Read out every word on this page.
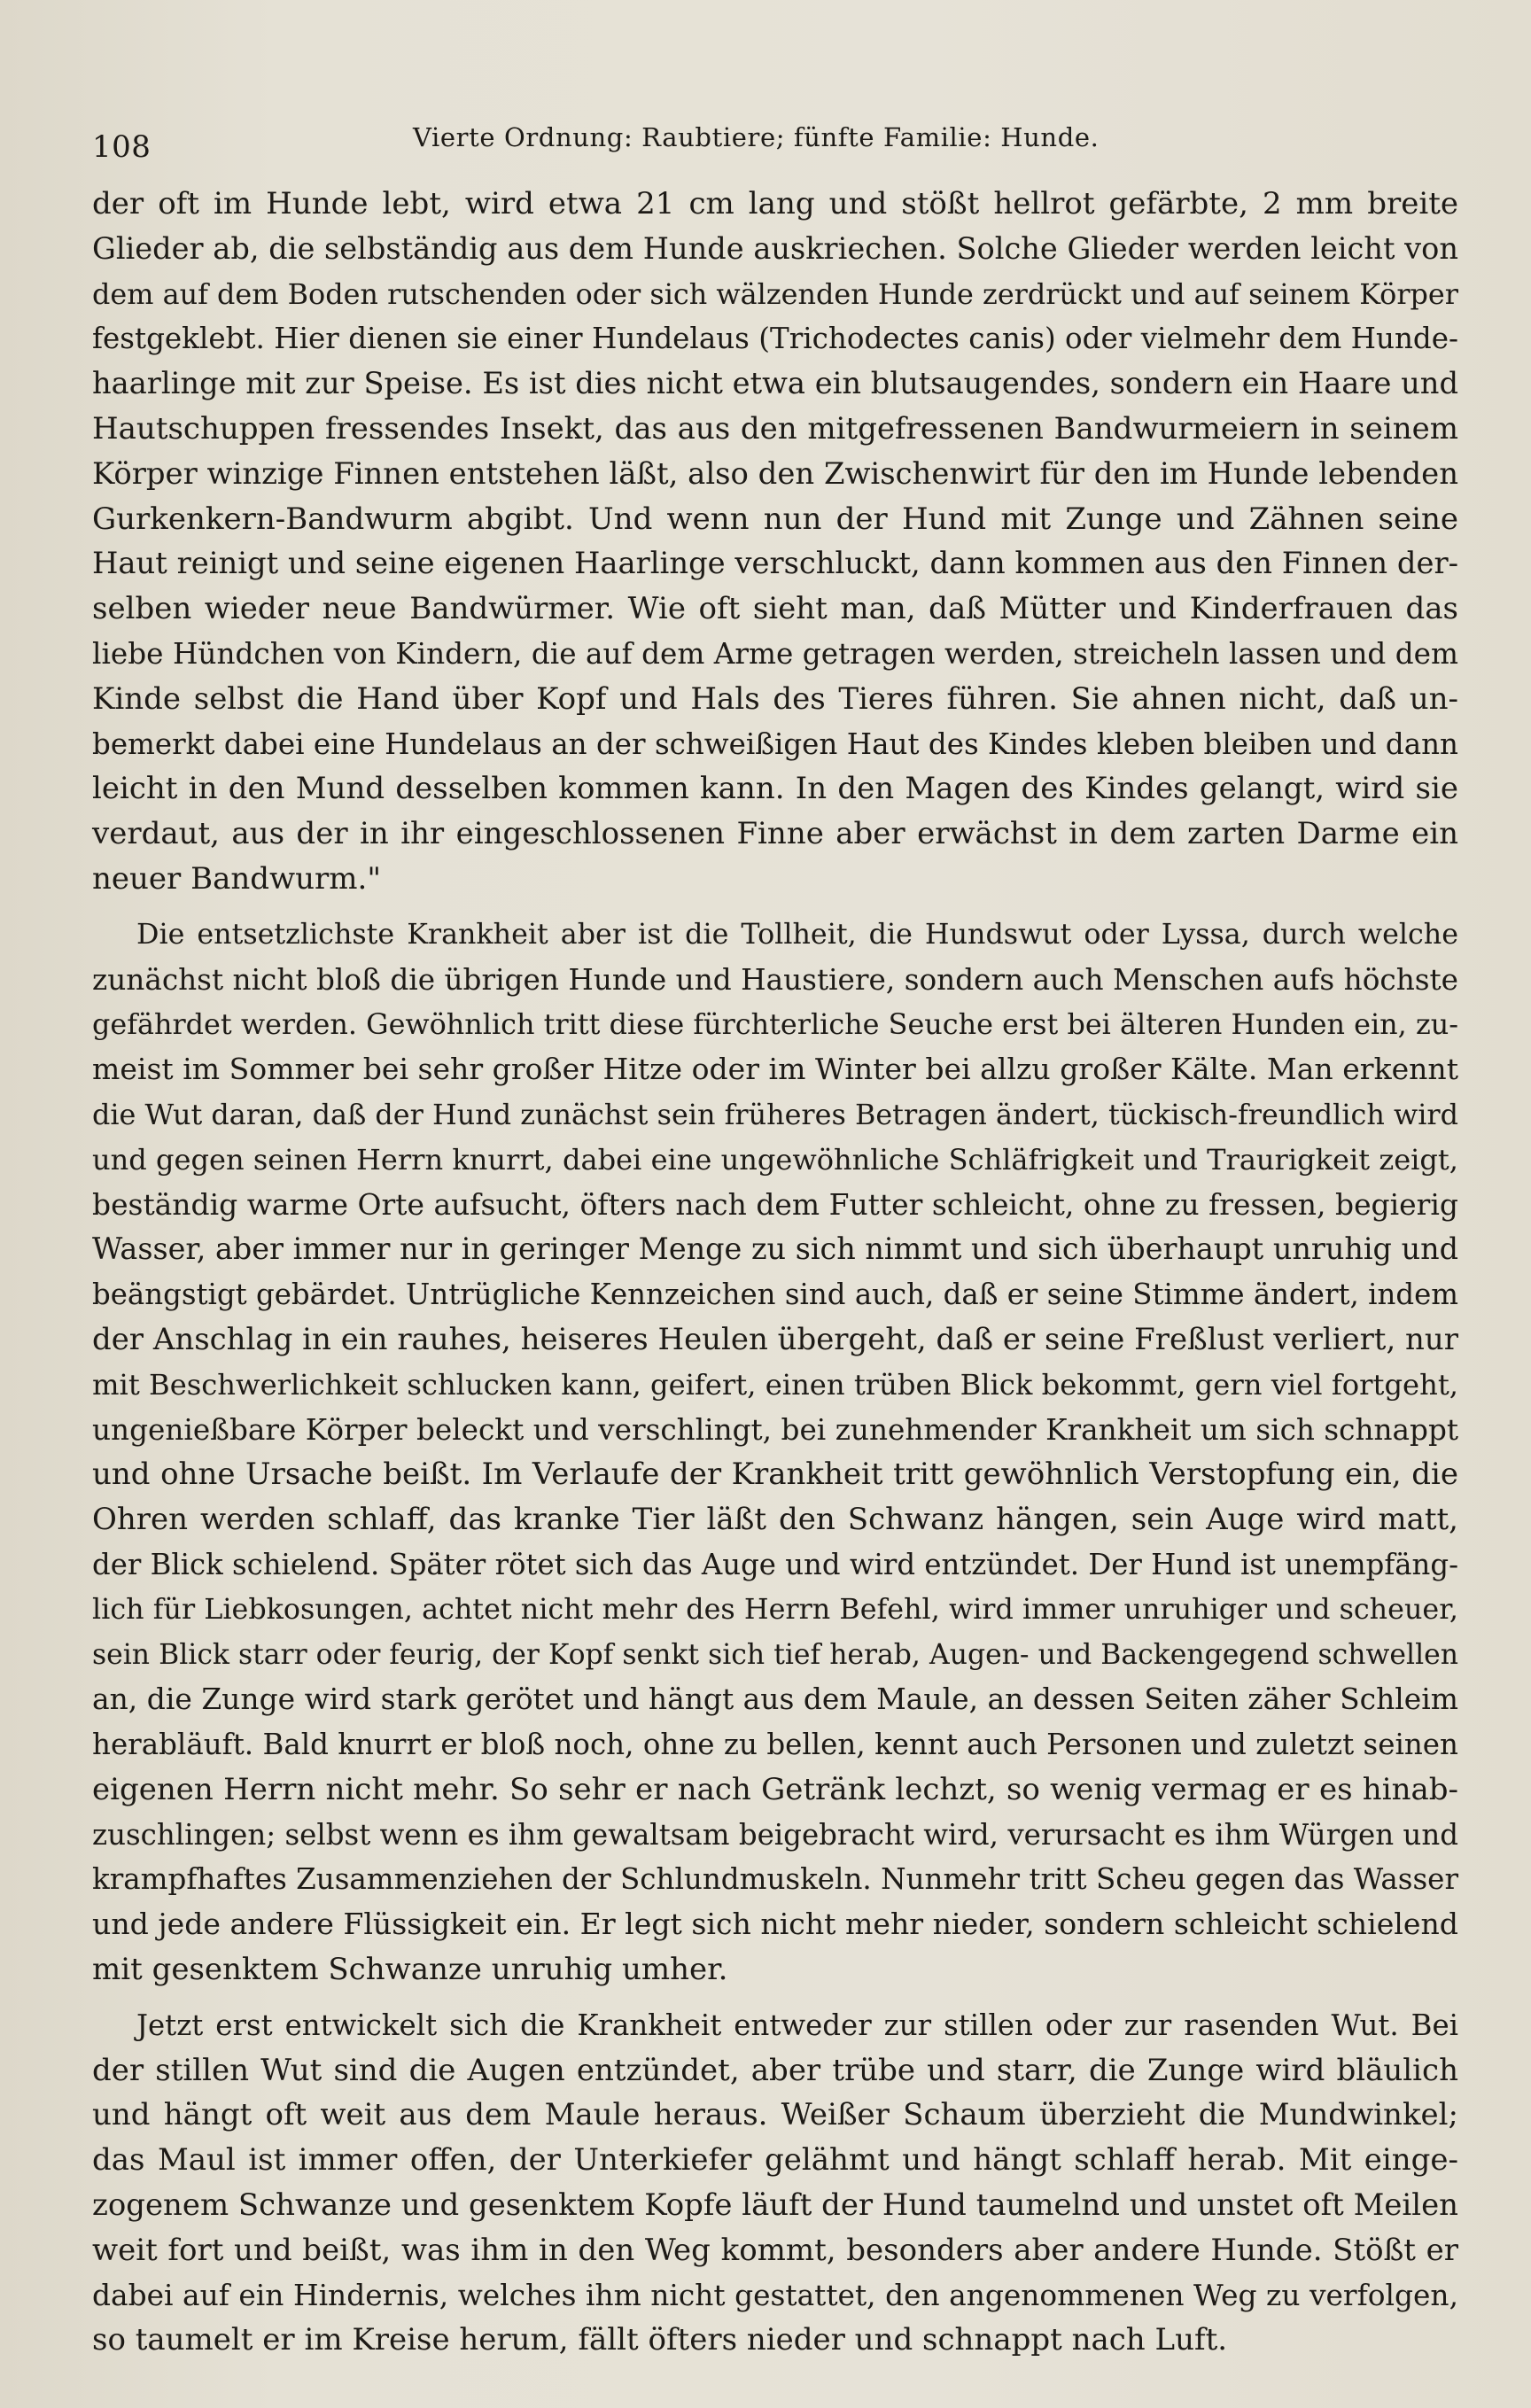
108	Vierte Ordnung: Raubtiere; fünfte Familie: Hunde.
der oft im Hunde lebt, wird etwa 21 cm lang und stößt hellrot gefärbte, 2 mm breite
Glieder ab, die selbständig aus dem Hunde auskriechen. Solche Glieder werden leicht von
dem auf dem Boden rutschenden oder sich wälzenden Hunde zerdrückt und auf seinem Körper
festgeklebt. Hier dienen sie einer Hundelaus (Trichodectes canis) oder vielmehr dem Hunde-
haarlinge mit zur Speise. Es ist dies nicht etwa ein blutsaugendes, sondern ein Haare und
Hautschuppen fressendes Insekt, das aus den mitgefressenen Bandwurmeiern in seinem
Körper winzige Finnen entstehen läßt, also den Zwischenwirt für den im Hunde lebenden
Gurkenkern-Bandwurm abgibt. Und wenn nun der Hund mit Zunge und Zähnen seine
Haut reinigt und seine eigenen Haarlinge verschluckt, dann kommen aus den Finnen der-
selben wieder neue Bandwürmer. Wie oft sieht man, daß Mütter und Kinderfrauen das
liebe Hündchen von Kindern, die auf dem Arme getragen werden, streicheln lassen und dem
Kinde selbst die Hand über Kopf und Hals des Tieres führen. Sie ahnen nicht, daß un-
bemerkt dabei eine Hundelaus an der schweißigen Haut des Kindes kleben bleiben und dann
leicht in den Mund desselben kommen kann. In den Magen des Kindes gelangt, wird sie
verdaut, aus der in ihr eingeschlossenen Finne aber erwächst in dem zarten Darme ein
neuer Bandwurm."
Die entsetzlichste Krankheit aber ist die Tollheit, die Hundswut oder Lyssa, durch welche
zunächst nicht bloß die übrigen Hunde und Haustiere, sondern auch Menschen aufs höchste
gefährdet werden. Gewöhnlich tritt diese fürchterliche Seuche erst bei älteren Hunden ein, zu-
meist im Sommer bei sehr großer Hitze oder im Winter bei allzu großer Kälte. Man erkennt
die Wut daran, daß der Hund zunächst sein früheres Betragen ändert, tückisch-freundlich wird
und gegen seinen Herrn knurrt, dabei eine ungewöhnliche Schläfrigkeit und Traurigkeit zeigt,
beständig warme Orte aufsucht, öfters nach dem Futter schleicht, ohne zu fressen, begierig
Wasser, aber immer nur in geringer Menge zu sich nimmt und sich überhaupt unruhig und
beängstigt gebärdet. Untrügliche Kennzeichen sind auch, daß er seine Stimme ändert, indem
der Anschlag in ein rauhes, heiseres Heulen übergeht, daß er seine Freßlust verliert, nur
mit Beschwerlichkeit schlucken kann, geifert, einen trüben Blick bekommt, gern viel fortgeht,
ungenießbare Körper beleckt und verschlingt, bei zunehmender Krankheit um sich schnappt
und ohne Ursache beißt. Im Verlaufe der Krankheit tritt gewöhnlich Verstopfung ein, die
Ohren werden schlaff, das kranke Tier läßt den Schwanz hängen, sein Auge wird matt,
der Blick schielend. Später rötet sich das Auge und wird entzündet. Der Hund ist unempfäng-
lich für Liebkosungen, achtet nicht mehr des Herrn Befehl, wird immer unruhiger und scheuer,
sein Blick starr oder feurig, der Kopf senkt sich tief herab, Augen- und Backengegend schwellen
an, die Zunge wird stark gerötet und hängt aus dem Maule, an dessen Seiten zäher Schleim
herabläuft. Bald knurrt er bloß noch, ohne zu bellen, kennt auch Personen und zuletzt seinen
eigenen Herrn nicht mehr. So sehr er nach Getränk lechzt, so wenig vermag er es hinab-
zuschlingen; selbst wenn es ihm gewaltsam beigebracht wird, verursacht es ihm Würgen und
krampfhaftes Zusammenziehen der Schlundmuskeln. Nunmehr tritt Scheu gegen das Wasser
und jede andere Flüssigkeit ein. Er legt sich nicht mehr nieder, sondern schleicht schielend
mit gesenktem Schwanze unruhig umher.
Jetzt erst entwickelt sich die Krankheit entweder zur stillen oder zur rasenden Wut. Bei
der stillen Wut sind die Augen entzündet, aber trübe und starr, die Zunge wird bläulich
und hängt oft weit aus dem Maule heraus. Weißer Schaum überzieht die Mundwinkel;
das Maul ist immer offen, der Unterkiefer gelähmt und hängt schlaff herab. Mit einge-
zogenem Schwanze und gesenktem Kopfe läuft der Hund taumelnd und unstet oft Meilen
weit fort und beißt, was ihm in den Weg kommt, besonders aber andere Hunde. Stößt er
dabei auf ein Hindernis, welches ihm nicht gestattet, den angenommenen Weg zu verfolgen,
so taumelt er im Kreise herum, fällt öfters nieder und schnappt nach Luft.
